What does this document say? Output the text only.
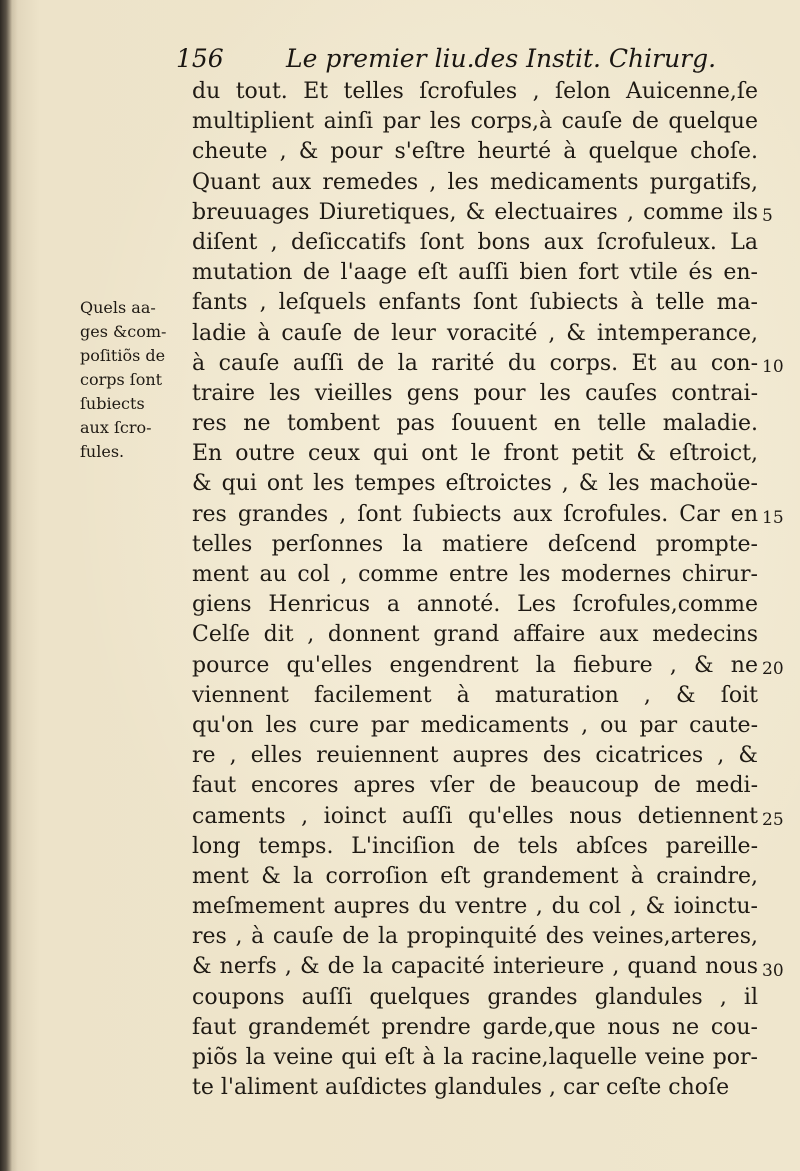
156 Le premier liu.des Instit. Chirurg.
du tout. Et telles ſcrofules , ſelon Auicenne,ſe
multiplient ainſi par les corps,à cauſe de quelque
cheute , & pour s'eſtre heurté à quelque choſe.
Quant aux remedes , les medicaments purgatifs,
breuuages Diuretiques, & electuaires , comme ils
diſent , deſiccatifs ſont bons aux ſcrofuleux. La
mutation de l'aage eſt auſſi bien fort vtile és en-
fants , leſquels enfants ſont ſubiects à telle ma-
ladie à cauſe de leur voracité , & intemperance,
à cauſe auſſi de la rarité du corps. Et au con-
traire les vieilles gens pour les cauſes contrai-
res ne tombent pas ſouuent en telle maladie.
En outre ceux qui ont le front petit & eſtroict,
& qui ont les tempes eſtroictes , & les machoüe-
res grandes , ſont ſubiects aux ſcrofules. Car en
telles perſonnes la matiere deſcend prompte-
ment au col , comme entre les modernes chirur-
giens Henricus a annoté. Les ſcrofules,comme
Celſe dit , donnent grand affaire aux medecins
pource qu'elles engendrent la fiebure , & ne
viennent facilement à maturation , & ſoit
qu'on les cure par medicaments , ou par caute-
re , elles reuiennent aupres des cicatrices , &
faut encores apres vſer de beaucoup de medi-
caments , ioinct auſſi qu'elles nous detiennent
long temps. L'inciſion de tels abſces pareille-
ment & la corroſion eſt grandement à craindre,
meſmement aupres du ventre , du col , & ioinctu-
res , à cauſe de la propinquité des veines,arteres,
& nerfs , & de la capacité interieure , quand nous
coupons auſſi quelques grandes glandules , il
faut grandemét prendre garde,que nous ne cou-
piõs la veine qui eſt à la racine,laquelle veine por-
te l'aliment auſdictes glandules , car ceſte choſe
Quels aa-
ges &com-
poſitiõs de
corps ſont
ſubiects
aux ſcro-
fules.
5
10
15
20
25
30
